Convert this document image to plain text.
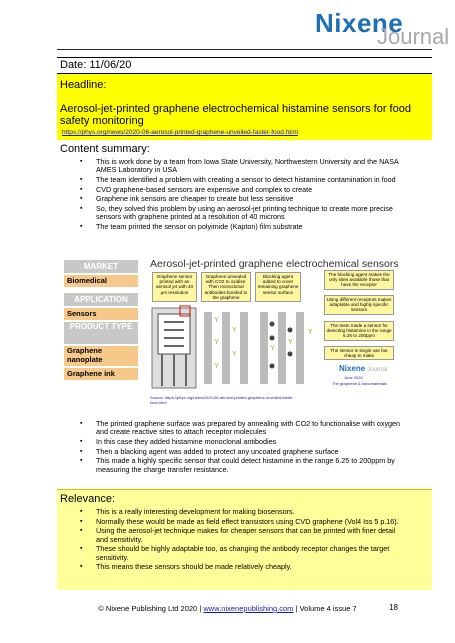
Nixene
Journal
Date: 11/06/20
Headline:
Aerosol-jet-printed graphene electrochemical histamine sensors for food safety monitoring
https://phys.org/news/2020-06-aerosol-printed-graphene-unveiled-faster-food.html
Content summary:
▪ This is work done by a team from Iowa State University, Northwestern University and the NASA AMES Laboratory in USA
▪ The team identified a problem with creating a sensor to detect histamine contamination in food
▪ CVD graphene-based sensors are expensive and complex to create
▪ Graphene ink sensors are cheaper to create but less sensitive
▪ So, they solved this problem by using an aerosol-jet printing technique to create more precise sensors with graphene printed at a resolution of 40 microns
▪ The team printed the sensor on polyimide (Kapton) film substrate
MARKET
Biomedical
APPLICATION
Sensors
PRODUCT TYPE
Graphene nanoplate
Graphene ink
Aerosol-jet-printed graphene electrochemical sensors
Graphene sensor printed with an aerosol jet with 40 µm resolution
Graphene annealed with CO2 to oxidise. Then monoclonal antibodies bonded to the graphene
Blocking agent added to cover remaining graphene sensor surface
The blocking agent makes the only sites available those that have the receptor
Using different receptors makes adaptable and highly specific sensors
The team made a sensor for detecting histamine in the range 6.25 to 200ppm
The sensor is single use but cheap to make
Y
Y
Y
Y
Y
Y
Y
Y
Source: https://phys.org/news/2020-06-aerosol-printed-graphene-unveiled-faster-food.html
Nixene Journal
June 2020
The graphene & nanomaterials
▪ The printed graphene surface was prepared by annealing with CO2 to functionalise with oxygen and create reactive sites to attach receptor molecules
▪ In this case they added histamine monoclonal antibodies
▪ Then a blacking agent was added to protect any uncoated graphene surface
▪ This made a highly specific sensor that could detect histamine in the range 6.25 to 200ppm by measuring the charge transfer resistance.
Relevance:
▪ This is a really interesting development for making biosensors.
▪ Normally these would be made as field effect transistors using CVD graphene (Vol4 Iss 5 p.16).
▪ Using the aerosol-jet technique makes for cheaper sensors that can be printed with finer detail and sensitivity.
▪ These should be highly adaptable too, as changing the antibody receptor changes the target sensitivity.
▪ This means these sensors should be made relatively cheaply.
© Nixene Publishing Ltd 2020 | www.nixenepublishing.com | Volume 4 issue 7	18
